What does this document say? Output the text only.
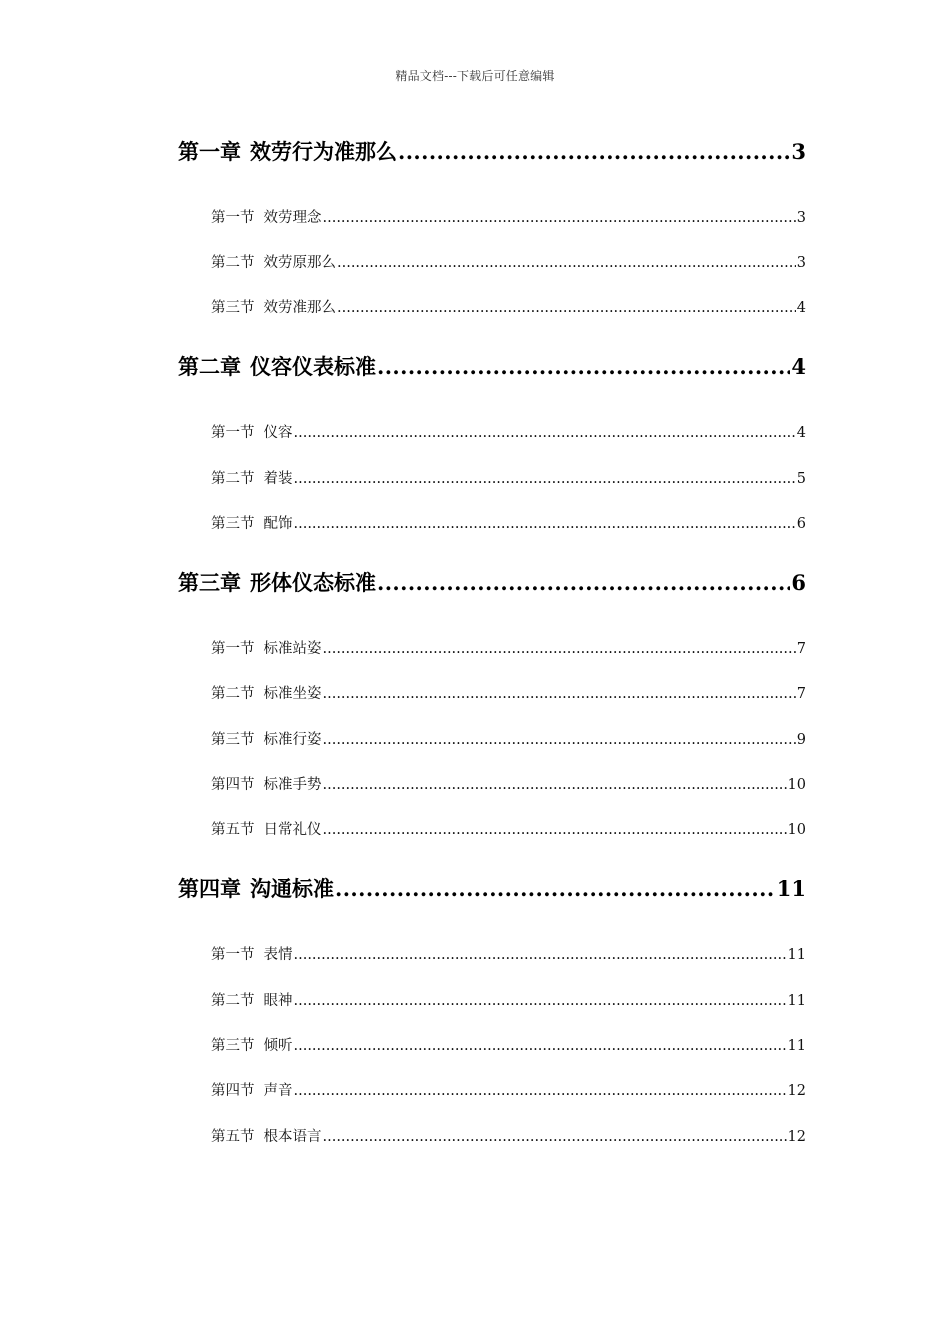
精品文档---下载后可任意编辑
第一章 效劳行为准那么 .....	3
第一节 效劳理念 .....	3
第二节 效劳原那么 .....	3
第三节 效劳准那么 .....	4
第二章 仪容仪表标准 .....	4
第一节 仪容 .....	4
第二节 着装 .....	5
第三节 配饰 .....	6
第三章 形体仪态标准 .....	6
第一节 标准站姿 .....	7
第二节 标准坐姿 .....	7
第三节 标准行姿 .....	9
第四节 标准手势 .....	10
第五节 日常礼仪 .....	10
第四章 沟通标准 .....	11
第一节 表情 .....	11
第二节 眼神 .....	11
第三节 倾听 .....	11
第四节 声音 .....	12
第五节 根本语言 .....	12
